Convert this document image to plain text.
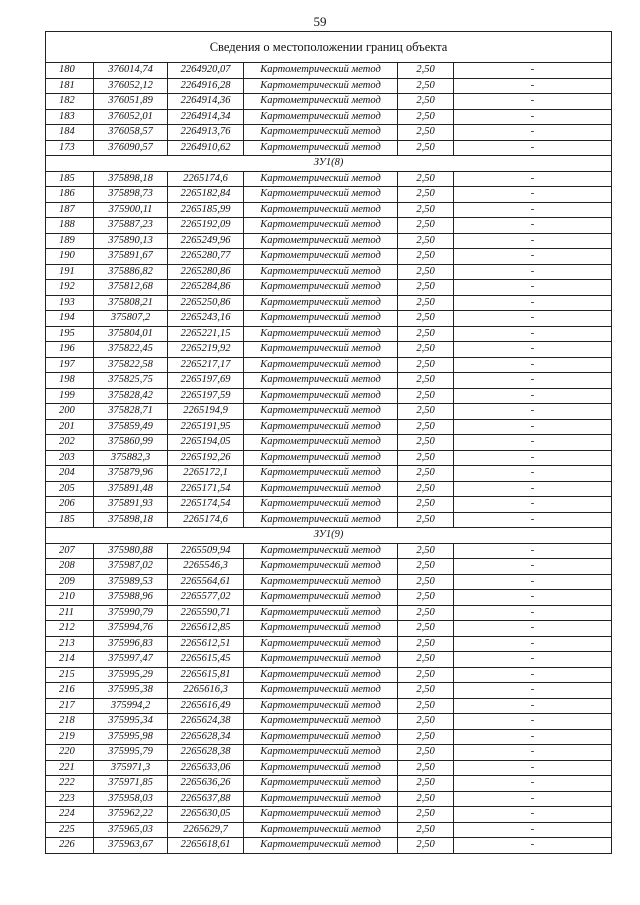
59
Сведения о местоположении границ объекта					
180	376014,74	2264920,07	Картометрический метод	2,50	-
181	376052,12	2264916,28	Картометрический метод	2,50	-
182	376051,89	2264914,36	Картометрический метод	2,50	-
183	376052,01	2264914,34	Картометрический метод	2,50	-
184	376058,57	2264913,76	Картометрический метод	2,50	-
173	376090,57	2264910,62	Картометрический метод	2,50	-
ЗУ1(8)					
185	375898,18	2265174,6	Картометрический метод	2,50	-
186	375898,73	2265182,84	Картометрический метод	2,50	-
187	375900,11	2265185,99	Картометрический метод	2,50	-
188	375887,23	2265192,09	Картометрический метод	2,50	-
189	375890,13	2265249,96	Картометрический метод	2,50	-
190	375891,67	2265280,77	Картометрический метод	2,50	-
191	375886,82	2265280,86	Картометрический метод	2,50	-
192	375812,68	2265284,86	Картометрический метод	2,50	-
193	375808,21	2265250,86	Картометрический метод	2,50	-
194	375807,2	2265243,16	Картометрический метод	2,50	-
195	375804,01	2265221,15	Картометрический метод	2,50	-
196	375822,45	2265219,92	Картометрический метод	2,50	-
197	375822,58	2265217,17	Картометрический метод	2,50	-
198	375825,75	2265197,69	Картометрический метод	2,50	-
199	375828,42	2265197,59	Картометрический метод	2,50	-
200	375828,71	2265194,9	Картометрический метод	2,50	-
201	375859,49	2265191,95	Картометрический метод	2,50	-
202	375860,99	2265194,05	Картометрический метод	2,50	-
203	375882,3	2265192,26	Картометрический метод	2,50	-
204	375879,96	2265172,1	Картометрический метод	2,50	-
205	375891,48	2265171,54	Картометрический метод	2,50	-
206	375891,93	2265174,54	Картометрический метод	2,50	-
185	375898,18	2265174,6	Картометрический метод	2,50	-
ЗУ1(9)					
207	375980,88	2265509,94	Картометрический метод	2,50	-
208	375987,02	2265546,3	Картометрический метод	2,50	-
209	375989,53	2265564,61	Картометрический метод	2,50	-
210	375988,96	2265577,02	Картометрический метод	2,50	-
211	375990,79	2265590,71	Картометрический метод	2,50	-
212	375994,76	2265612,85	Картометрический метод	2,50	-
213	375996,83	2265612,51	Картометрический метод	2,50	-
214	375997,47	2265615,45	Картометрический метод	2,50	-
215	375995,29	2265615,81	Картометрический метод	2,50	-
216	375995,38	2265616,3	Картометрический метод	2,50	-
217	375994,2	2265616,49	Картометрический метод	2,50	-
218	375995,34	2265624,38	Картометрический метод	2,50	-
219	375995,98	2265628,34	Картометрический метод	2,50	-
220	375995,79	2265628,38	Картометрический метод	2,50	-
221	375971,3	2265633,06	Картометрический метод	2,50	-
222	375971,85	2265636,26	Картометрический метод	2,50	-
223	375958,03	2265637,88	Картометрический метод	2,50	-
224	375962,22	2265630,05	Картометрический метод	2,50	-
225	375965,03	2265629,7	Картометрический метод	2,50	-
226	375963,67	2265618,61	Картометрический метод	2,50	-
